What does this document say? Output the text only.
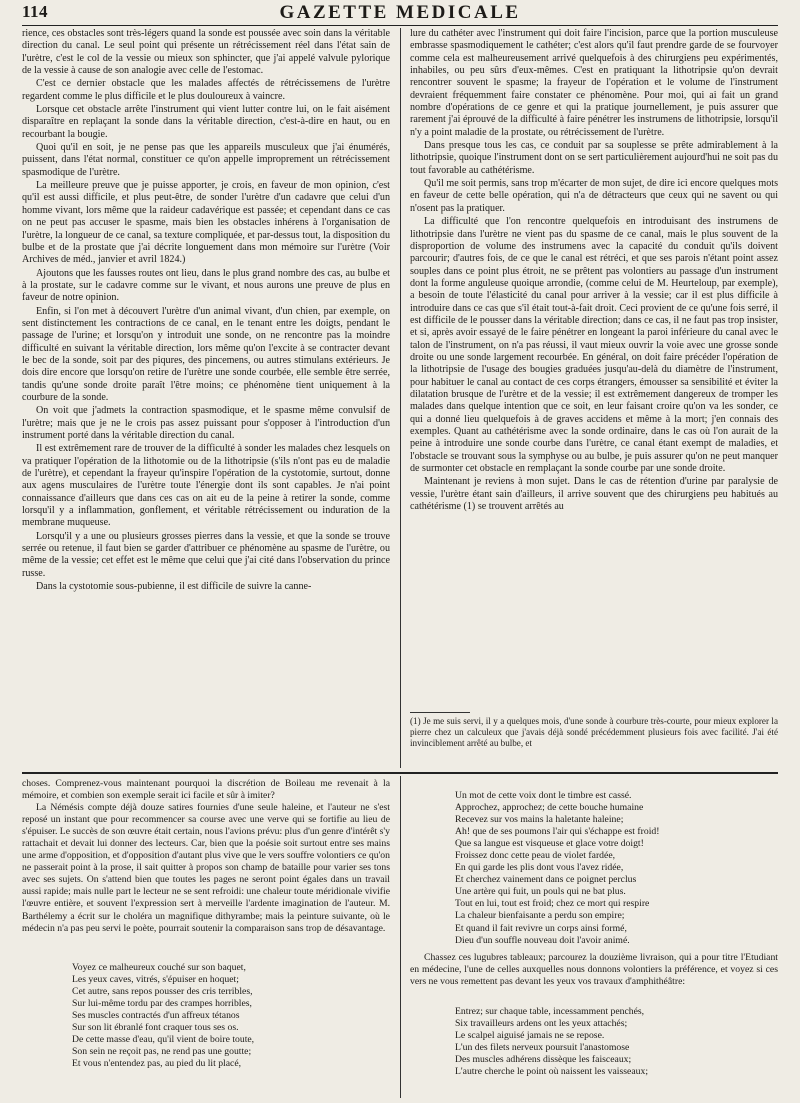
GAZETTE MEDICALE
114

rience, ces obstacles sont très-légers quand la sonde est poussée avec soin dans la véritable direction du canal. Le seul point qui présente un rétrécissement réel dans l'état sain de l'urètre, c'est le col de la vessie ou mieux son sphincter, que j'ai appelé valvule pylorique de la vessie à cause de son analogie avec celle de l'estomac.

C'est ce dernier obstacle que les malades affectés de rétrécissemens de l'urètre regardent comme le plus difficile et le plus douloureux à vaincre.

Lorsque cet obstacle arrête l'instrument qui vient lutter contre lui, on le fait aisément disparaître en replaçant la sonde dans la véritable direction, c'est-à-dire en haut, ou en recourbant la bougie.

Quoi qu'il en soit, je ne pense pas que les appareils musculeux que j'ai énumérés, puissent, dans l'état normal, constituer ce qu'on appelle improprement un rétrécissement spasmodique de l'urètre.

La meilleure preuve que je puisse apporter, je crois, en faveur de mon opinion, c'est qu'il est aussi difficile, et plus peut-être, de sonder l'urètre d'un cadavre que celui d'un homme vivant, lors même que la raideur cadavérique est passée; et cependant dans ce cas on ne peut pas accuser le spasme, mais bien les obstacles inhérens à l'organisation de l'urètre, la longueur de ce canal, sa texture compliquée, et par-dessus tout, la disposition du bulbe et de la prostate que j'ai décrite longuement dans mon mémoire sur l'urètre (Voir Archives de méd., janvier et avril 1824.)

Ajoutons que les fausses routes ont lieu, dans le plus grand nombre des cas, au bulbe et à la prostate, sur le cadavre comme sur le vivant, et nous aurons une preuve de plus en faveur de notre opinion.

Enfin, si l'on met à découvert l'urètre d'un animal vivant, d'un chien, par exemple, on sent distinctement les contractions de ce canal, en le tenant entre les doigts, pendant le passage de l'urine; et lorsqu'on y introduit une sonde, on ne rencontre pas la moindre difficulté en suivant la véritable direction, lors même qu'on l'excite à se contracter devant le bec de la sonde, soit par des piqures, des pincemens, ou autres stimulans extérieurs. Je dois dire encore que lorsqu'on retire de l'urètre une sonde courbée, elle semble être serrée, tandis qu'une sonde droite paraît l'être moins; ce phénomène tient uniquement à la courbure de la sonde.

On voit que j'admets la contraction spasmodique, et le spasme même convulsif de l'urètre; mais que je ne le crois pas assez puissant pour s'opposer à l'introduction d'un instrument porté dans la véritable direction du canal.

Il est extrêmement rare de trouver de la difficulté à sonder les malades chez lesquels on va pratiquer l'opération de la lithotomie ou de la lithotripsie (s'ils n'ont pas eu de maladie de l'urètre), et cependant la frayeur qu'inspire l'opération de la cystotomie, surtout, donne aux agens musculaires de l'urètre toute l'énergie dont ils sont capables. Je n'ai point connaissance d'ailleurs que dans ces cas on ait eu de la peine à retirer la sonde, comme lorsqu'il y a inflammation, gonflement, et véritable rétrécissement ou induration de la membrane muqueuse.

Lorsqu'il y a une ou plusieurs grosses pierres dans la vessie, et que la sonde se trouve serrée ou retenue, il faut bien se garder d'attribuer ce phénomène au spasme de l'urètre, ou même de la vessie; cet effet est le même que celui que j'ai cité dans l'observation du prince russe.

Dans la cystotomie sous-pubienne, il est difficile de suivre la canne-

lure du cathéter avec l'instrument qui doit faire l'incision, parce que la portion musculeuse embrasse spasmodiquement le cathéter; c'est alors qu'il faut prendre garde de se fourvoyer comme cela est malheureusement arrivé quelquefois à des chirurgiens peu expérimentés, inhabiles, ou peu sûrs d'eux-mêmes. C'est en pratiquant la lithotripsie qu'on devrait rencontrer souvent le spasme; la frayeur de l'opération et le volume de l'instrument devraient fréquemment faire constater ce phénomène. Pour moi, qui ai fait un grand nombre d'opérations de ce genre et qui la pratique journellement, je puis assurer que rarement j'ai éprouvé de la difficulté à faire pénétrer les instrumens de lithotripsie, lorsqu'il n'y a point maladie de la prostate, ou rétrécissement de l'urètre.

Dans presque tous les cas, ce conduit par sa souplesse se prête admirablement à la lithotripsie, quoique l'instrument dont on se sert particulièrement aujourd'hui ne soit pas du tout favorable au cathétérisme.

Qu'il me soit permis, sans trop m'écarter de mon sujet, de dire ici encore quelques mots en faveur de cette belle opération, qui n'a de détracteurs que ceux qui ne savent ou qui n'osent pas la pratiquer.

La difficulté que l'on rencontre quelquefois en introduisant des instrumens de lithotripsie dans l'urètre ne vient pas du spasme de ce canal, mais le plus souvent de la disproportion de volume des instrumens avec la capacité du conduit qu'ils doivent parcourir; d'autres fois, de ce que le canal est rétréci, et que ses parois n'étant point assez souples dans ce point plus étroit, ne se prêtent pas volontiers au passage d'un instrument dont la forme anguleuse quoique arrondie, (comme celui de M. Heurteloup, par exemple), a besoin de toute l'élasticité du canal pour arriver à la vessie; car il est plus difficile à introduire dans ce cas que s'il était tout-à-fait droit. Ceci provient de ce qu'une fois serré, il est difficile de le pousser dans la véritable direction; dans ce cas, il ne faut pas trop insister, et si, après avoir essayé de le faire pénétrer en longeant la paroi inférieure du canal avec le talon de l'instrument, on n'a pas réussi, il vaut mieux ouvrir la voie avec une grosse sonde droite ou une sonde largement recourbée. En général, on doit faire précéder l'opération de la lithotripsie de l'usage des bougies graduées jusqu'au-delà du diamètre de l'instrument, pour habituer le canal au contact de ces corps étrangers, émousser sa sensibilité et éviter la dilatation brusque de l'urètre et de la vessie; il est extrêmement dangereux de tromper les malades dans quelque intention que ce soit, en leur faisant croire qu'on va les sonder, ce qui a donné lieu quelquefois à de graves accidens et même à la mort; j'en connais des exemples. Quant au cathétérisme avec la sonde ordinaire, dans le cas où l'on aurait de la peine à introduire une sonde courbe dans l'urètre, ce canal étant exempt de maladies, et l'obstacle se trouvant sous la symphyse ou au bulbe, je puis assurer qu'on ne peut manquer de surmonter cet obstacle en remplaçant la sonde courbe par une sonde droite.

Maintenant je reviens à mon sujet. Dans le cas de rétention d'urine par paralysie de vessie, l'urètre étant sain d'ailleurs, il arrive souvent que des chirurgiens peu habitués au cathétérisme (1) se trouvent arrêtés au

(1) Je me suis servi, il y a quelques mois, d'une sonde à courbure très-courte, pour mieux explorer la pierre chez un calculeux que j'avais déjà sondé précédemment plusieurs fois avec facilité. J'ai été invinciblement arrêté au bulbe, et

choses. Comprenez-vous maintenant pourquoi la discrétion de Boileau me revenait à la mémoire, et combien son exemple serait ici facile et sûr à imiter?

La Némésis compte déjà douze satires fournies d'une seule haleine, et l'auteur ne s'est reposé un instant que pour recommencer sa course avec une verve qui se fortifie au lieu de s'épuiser. Le succès de son œuvre était certain, nous l'avions prévu: plus d'un genre d'intérêt s'y rattachait et devait lui donner des lecteurs. Car, bien que la poésie soit surtout entre ses mains une arme d'opposition, et d'opposition d'autant plus vive que le vers souffre volontiers ce qu'on ne passerait point à la prose, il sait quitter à propos son champ de bataille pour varier ses tons avec ses sujets. On s'attend bien que toutes les pages ne seront point égales dans un travail aussi rapide; mais nulle part le lecteur ne se sent refroidi: une chaleur toute méridionale vivifie l'œuvre entière, et souvent l'expression sert à merveille l'ardente imagination de l'auteur. M. Barthélemy a écrit sur le choléra un magnifique dithyrambe; mais la peinture suivante, où le médecin n'a pas peu servi le poète, pourrait soutenir la comparaison sans trop de désavantage.

Voyez ce malheureux couché sur son baquet,
Les yeux caves, vitrés, s'épuiser en hoquet;
Cet autre, sans repos pousser des cris terribles,
Sur lui-même tordu par des crampes horribles,
Ses muscles contractés d'un affreux tétanos
Sur son lit ébranlé font craquer tous ses os.
De cette masse d'eau, qu'il vient de boire toute,
Son sein ne reçoit pas, ne rend pas une goutte;
Et vous n'entendez pas, au pied du lit placé,
Un mot de cette voix dont le timbre est cassé.
Approchez, approchez; de cette bouche humaine
Recevez sur vos mains la haletante haleine;
Ah! que de ses poumons l'air qui s'échappe est froid!
Que sa langue est visqueuse et glace votre doigt!
Froissez donc cette peau de violet fardée,
En qui garde les plis dont vous l'avez ridée,
Et cherchez vainement dans ce poignet perclus
Une artère qui fuit, un pouls qui ne bat plus.
Tout en lui, tout est froid; chez ce mort qui respire
La chaleur bienfaisante a perdu son empire;
Et quand il fait revivre un corps ainsi formé,
Dieu d'un souffle nouveau doit l'avoir animé.

Chassez ces lugubres tableaux; parcourez la douzième livraison, qui a pour titre l'Etudiant en médecine, l'une de celles auxquelles nous donnons volontiers la préférence, et voyez si ces vers ne vous remettent pas devant les yeux vos travaux d'amphithéâtre:

Entrez; sur chaque table, incessamment penchés,
Six travailleurs ardens ont les yeux attachés;
Le scalpel aiguisé jamais ne se repose.
L'un des filets nerveux poursuit l'anastomose
Des muscles adhérens dissèque les faisceaux;
L'autre cherche le point où naissent les vaisseaux;
